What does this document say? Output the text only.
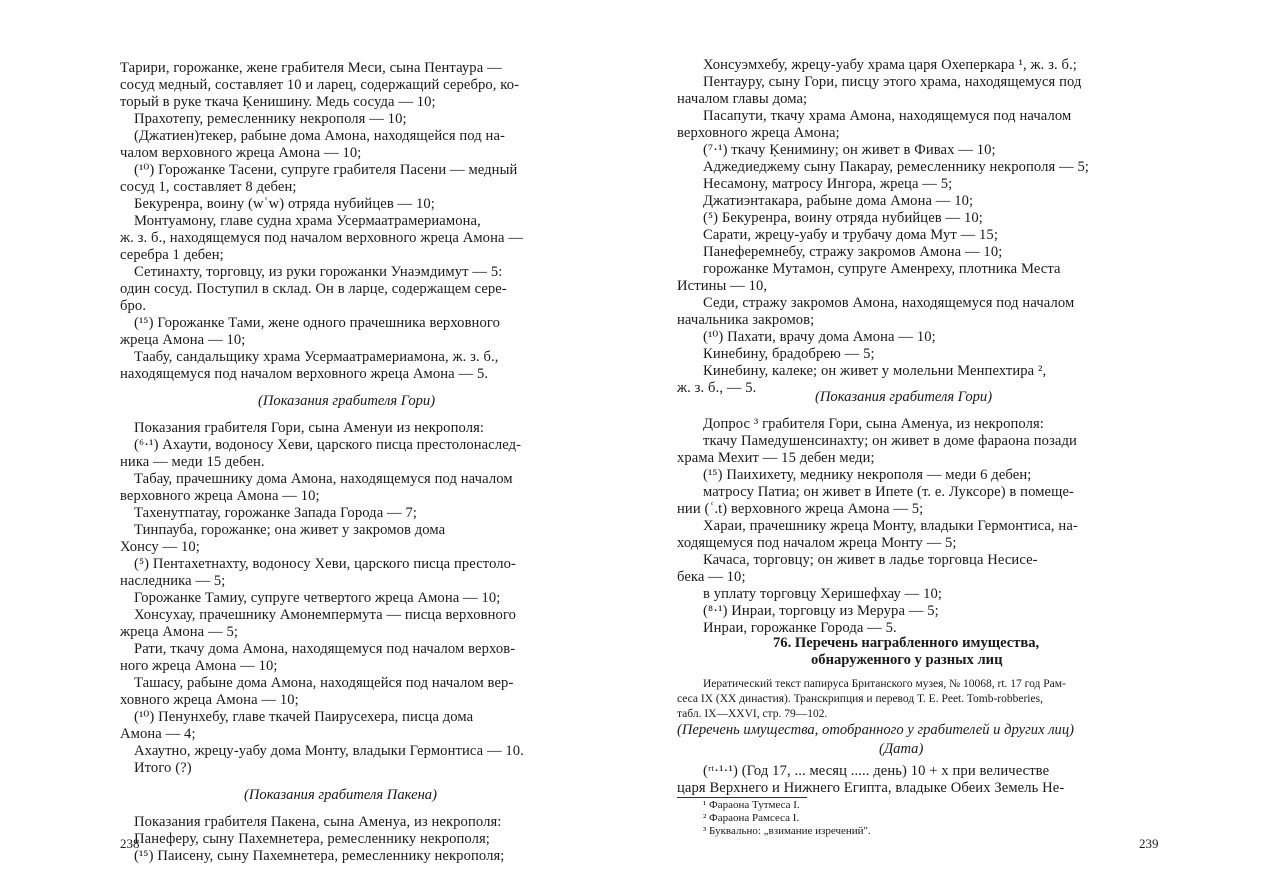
Тарири, горожанке, жене грабителя Меси, сына Пентаура —
сосуд медный, составляет 10 и ларец, содержащий серебро, ко-
торый в руке ткача Ķенишину. Медь сосуда — 10;
Прахотепу, ремесленнику некрополя — 10;
(Джатиен)текер, рабыне дома Амона, находящейся под на-
чалом верховного жреца Амона — 10;
(¹⁰) Горожанке Тасени, супруге грабителя Пасени — медный
сосуд 1, составляет 8 дебен;
Бекуренра, воину (wʿw) отряда нубийцев — 10;
Монтуамону, главе судна храма Усермаатрамериамона,
ж. з. б., находящемуся под началом верховного жреца Амона —
серебра 1 дебен;
Сетинахту, торговцу, из руки горожанки Унаэмдимут — 5:
один сосуд. Поступил в склад. Он в ларце, содержащем сере-
бро.
(¹⁵) Горожанке Тами, жене одного прачешника верховного
жреца Амона — 10;
Таабу, сандальщику храма Усермаатрамериамона, ж. з. б.,
находящемуся под началом верховного жреца Амона — 5.
Показания грабителя Гори, сына Аменуи из некрополя:
(⁶·¹) Ахаути, водоносу Хеви, царского писца престолонаслед-
ника — меди 15 дебен.
Табау, прачешнику дома Амона, находящемуся под началом
верховного жреца Амона — 10;
Тахенутпатау, горожанке Запада Города — 7;
Тинпауба, горожанке; она живет у закромов дома
Хонсу — 10;
(⁵) Пентахетнахту, водоносу Хеви, царского писца престоло-
наследника — 5;
Горожанке Тамиу, супруге четвертого жреца Амона — 10;
Хонсухау, прачешнику Амонемпермута — писца верховного
жреца Амона — 5;
Рати, ткачу дома Амона, находящемуся под началом верхов-
ного жреца Амона — 10;
Ташасу, рабыне дома Амона, находящейся под началом вер-
ховного жреца Амона — 10;
(¹⁰) Пенунхебу, главе ткачей Паирусехера, писца дома
Амона — 4;
Ахаутно, жрецу-уабу дома Монту, владыки Гермонтиса — 10.
Итого (?)
Показания грабителя Пакена, сына Аменуа, из некрополя:
Панеферу, сыну Пахемнетера, ремесленнику некрополя;
(¹⁵) Паисену, сыну Пахемнетера, ремесленнику некрополя;
(Показания грабителя Гори)
(Показания грабителя Пакена)
238
Хонсуэмхебу, жрецу-уабу храма царя Охеперкара ¹, ж. з. б.;
Пентауру, сыну Гори, писцу этого храма, находящемуся под
началом главы дома;
Пасапути, ткачу храма Амона, находящемуся под началом
верховного жреца Амона;
(⁷·¹) ткачу Ķенимину; он живет в Фивах — 10;
Аджедиеджему сыну Пакарау, ремесленнику некрополя — 5;
Несамону, матросу Ингора, жреца — 5;
Джатиэнтакара, рабыне дома Амона — 10;
(⁵) Бекуренра, воину отряда нубийцев — 10;
Сарати, жрецу-уабу и трубачу дома Мут — 15;
Панеферемнебу, стражу закромов Амона — 10;
горожанке Мутамон, супруге Аменреху, плотника Места
Истины — 10,
Седи, стражу закромов Амона, находящемуся под началом
начальника закромов;
(¹⁰) Пахати, врачу дома Амона — 10;
Кинебину, брадобрею — 5;
Кинебину, калеке; он живет у молельни Менпехтира ²,
ж. з. б., — 5.
Допрос ³ грабителя Гори, сына Аменуа, из некрополя:
ткачу Памедушенсинахту; он живет в доме фараона позади
храма Мехит — 15 дебен меди;
(¹⁵) Паихихету, меднику некрополя — меди 6 дебен;
матросу Патиа; он живет в Ипете (т. е. Луксоре) в помеще-
нии (ʿ.t) верховного жреца Амона — 5;
Хараи, прачешнику жреца Монту, владыки Гермонтиса, на-
ходящемуся под началом жреца Монту — 5;
Качаса, торговцу; он живет в ладье торговца Несисе-
бека — 10;
в уплату торговцу Херишефхау — 10;
(⁸·¹) Инраи, торговцу из Мерура — 5;
Инраи, горожанке Города — 5.
(ʳᵗ·¹·¹) (Год 17, ... месяц ..... день) 10 + x при величестве
царя Верхнего и Нижнего Египта, владыке Обеих Земель Не-
(Показания грабителя Гори)
(Перечень имущества, отобранного у грабителей и других лиц)
(Дата)
76. Перечень награбленного имущества,
обнаруженного у разных лиц
Иератический текст папируса Британского музея, № 10068, rt. 17 год Рам-
сеса IX (XX династия). Транскрипция и перевод Т. Е. Peet. Tomb-robberies,
табл. IX—XXVI, стр. 79—102.
¹ Фараона Тутмеса I.
² Фараона Рамсеса I.
³ Буквально: „взимание изречений".
239
